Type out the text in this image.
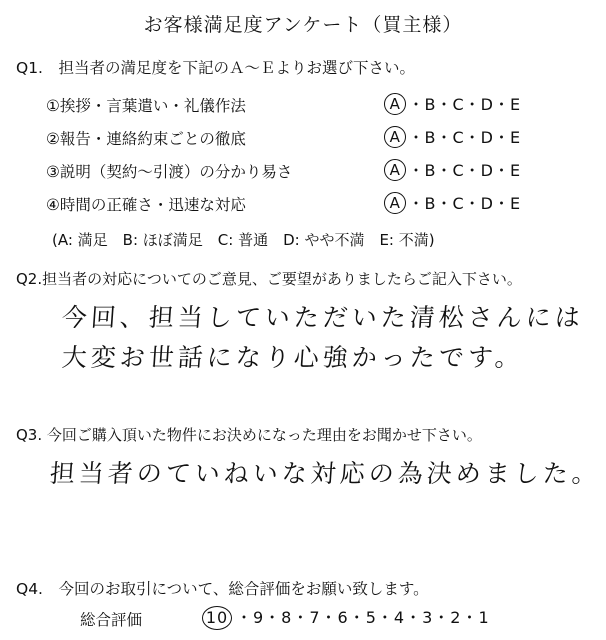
お客様満足度アンケート（買主様）
Q1.　担当者の満足度を下記のＡ～Ｅよりお選び下さい。
①挨拶・言葉遣い・礼儀作法	A ・B・C・D・E
②報告・連絡約束ごとの徹底	A ・B・C・D・E
③説明（契約～引渡）の分かり易さ	A ・B・C・D・E
④時間の正確さ・迅速な対応	A ・B・C・D・E
(A: 満足　B: ほぼ満足　C: 普通　D: やや不満　E: 不満)
Q2.担当者の対応についてのご意見、ご要望がありましたらご記入下さい。
今回、担当していただいた清松さんには
大変お世話になり心強かったです。
Q3. 今回ご購入頂いた物件にお決めになった理由をお聞かせ下さい。
担当者のていねいな対応の為決めました。
Q4.　今回のお取引について、総合評価をお願い致します。
総合評価	10 ・9・8・7・6・5・4・3・2・1
